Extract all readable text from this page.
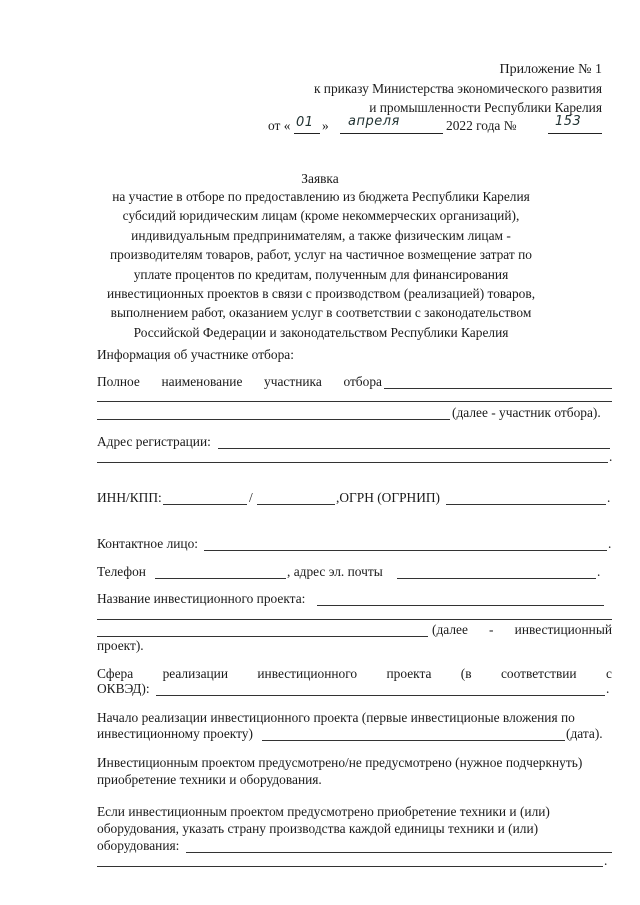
Приложение № 1
к приказу Министерства экономического развития
и промышленности Республики Карелия
от « 01 » апреля	2022 года №	153
Заявка
на участие в отборе по предоставлению из бюджета Республики Карелия субсидий юридическим лицам (кроме некоммерческих организаций), индивидуальным предпринимателям, а также физическим лицам - производителям товаров, работ, услуг на частичное возмещение затрат по уплате процентов по кредитам, полученным для финансирования инвестиционных проектов в связи с производством (реализацией) товаров, выполнением работ, оказанием услуг в соответствии с законодательством Российской Федерации и законодательством Республики Карелия
Информация об участнике отбора:
Полное наименование участника отбора
(далее - участник отбора).
Адрес регистрации:
.
ИНН/КПП:	/	,ОГРН (ОГРНИП)	.
Контактное лицо:	.
Телефон	, адрес эл. почты	.
Название инвестиционного проекта:
(далее - инвестиционный
проект).
Сфера реализации инвестиционного проекта (в соответствии с
ОКВЭД):	.
Начало реализации инвестиционного проекта (первые инвестиционые вложения по
инвестиционному проекту)	(дата).
Инвестиционным проектом предусмотрено/не предусмотрено (нужное подчеркнуть)
приобретение техники и оборудования.
Если инвестиционным проектом предусмотрено приобретение техники и (или)
оборудования, указать страну производства каждой единицы техники и (или)
оборудования:
.
